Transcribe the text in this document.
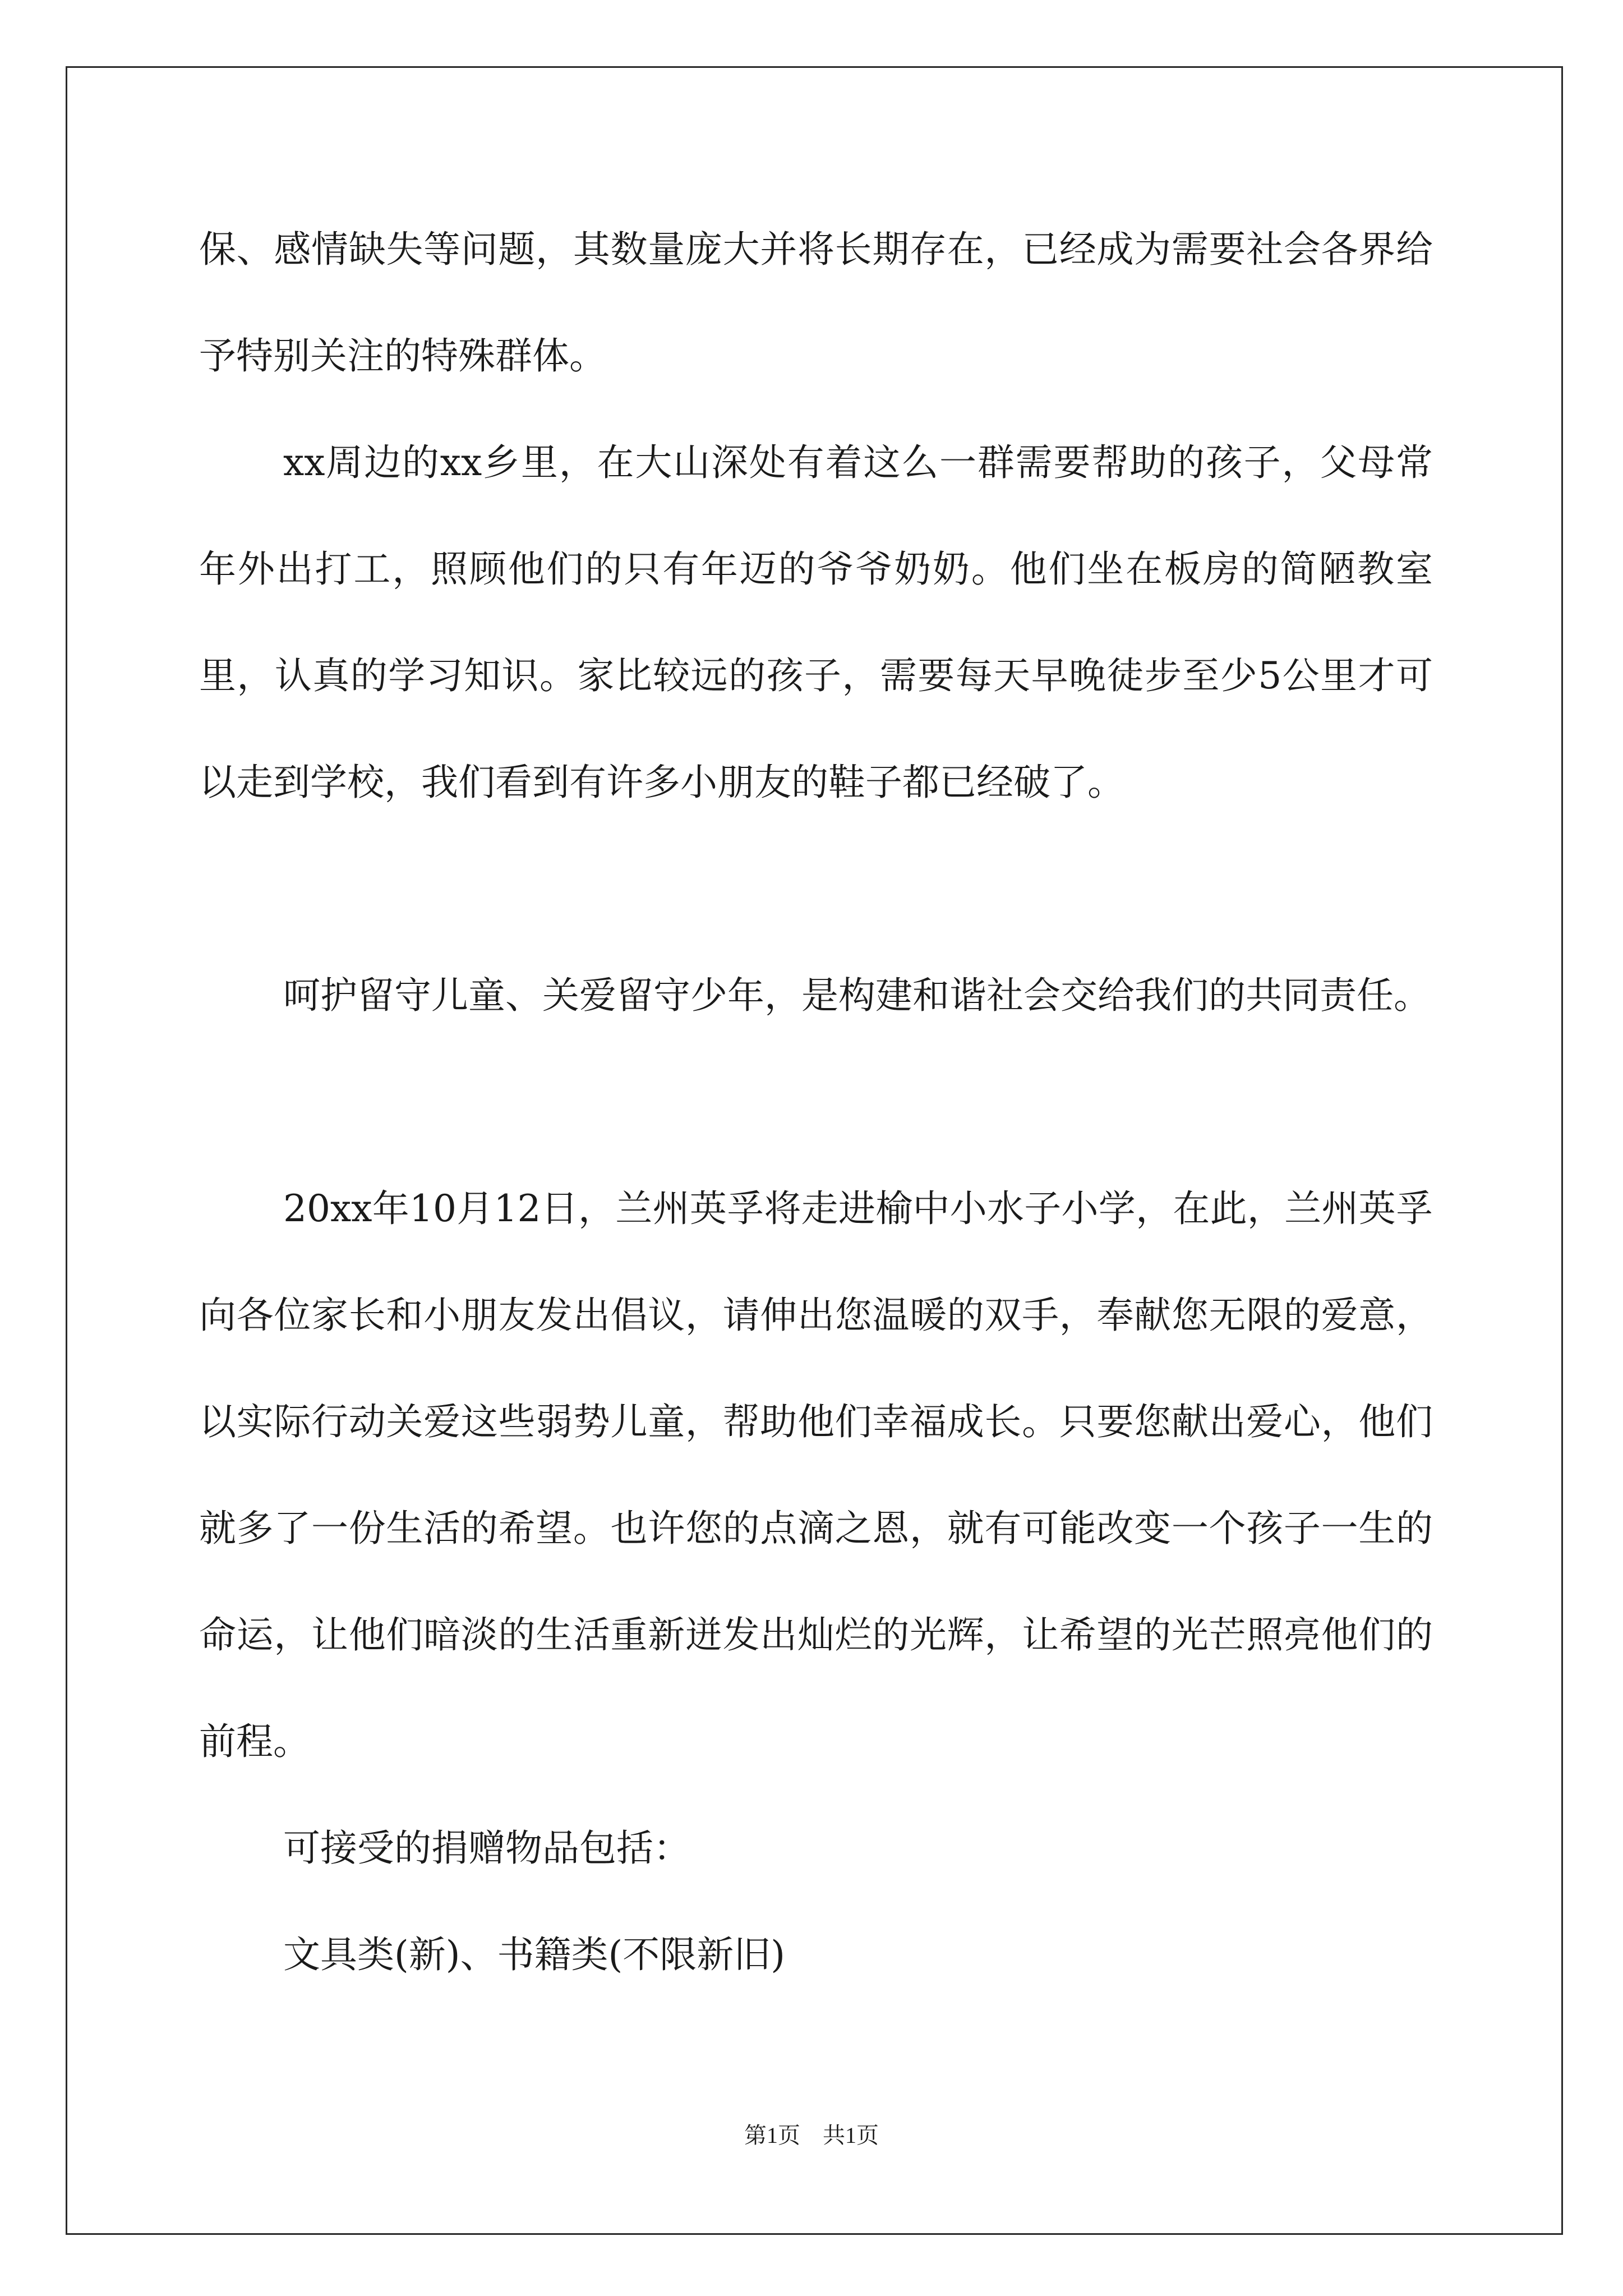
保、感情缺失等问题，其数量庞大并将长期存在，已经成为需要社会各界给予特别关注的特殊群体。

xx周边的xx乡里，在大山深处有着这么一群需要帮助的孩子，父母常年外出打工，照顾他们的只有年迈的爷爷奶奶。他们坐在板房的简陋教室里，认真的学习知识。家比较远的孩子，需要每天早晚徒步至少5公里才可以走到学校，我们看到有许多小朋友的鞋子都已经破了。

呵护留守儿童、关爱留守少年，是构建和谐社会交给我们的共同责任。

20xx年10月12日，兰州英孚将走进榆中小水子小学，在此，兰州英孚向各位家长和小朋友发出倡议，请伸出您温暖的双手，奉献您无限的爱意，以实际行动关爱这些弱势儿童，帮助他们幸福成长。只要您献出爱心，他们就多了一份生活的希望。也许您的点滴之恩，就有可能改变一个孩子一生的命运，让他们暗淡的生活重新迸发出灿烂的光辉，让希望的光芒照亮他们的前程。

可接受的捐赠物品包括：

文具类(新)、书籍类(不限新旧)

第1页　共1页
